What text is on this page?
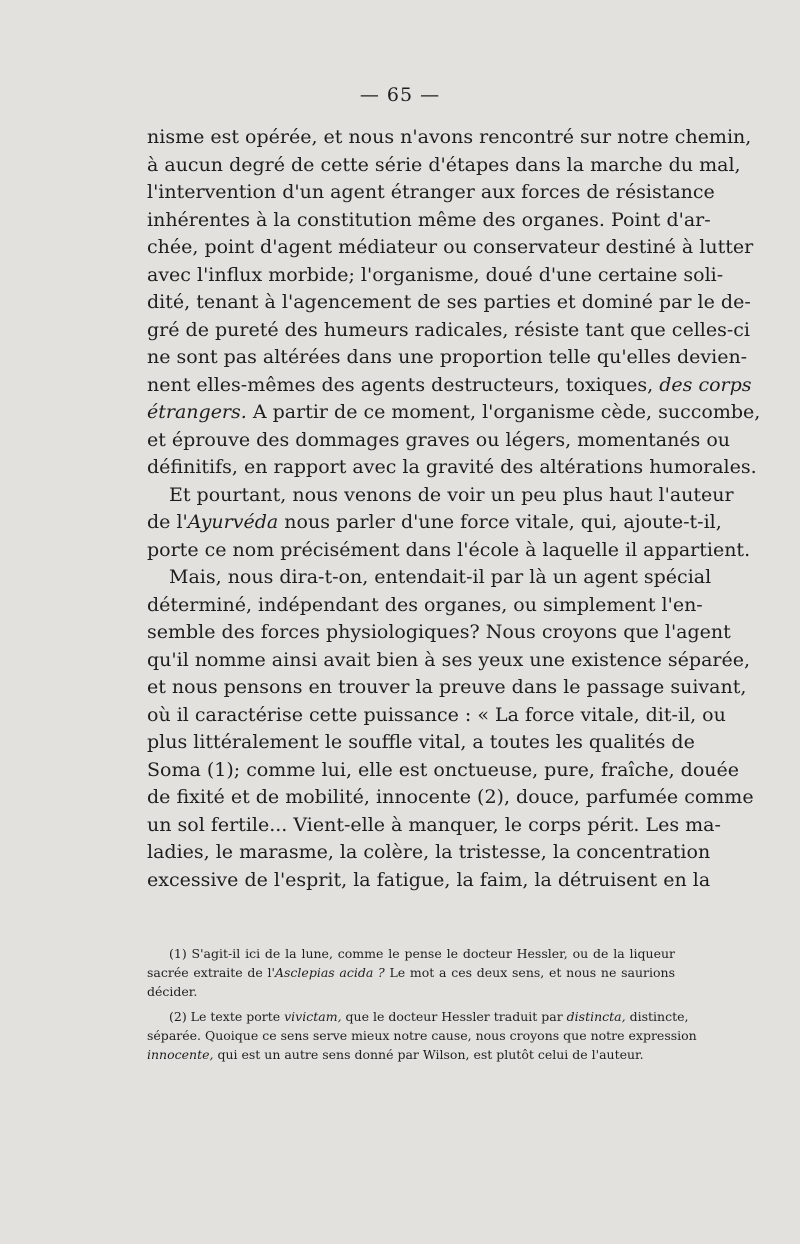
— 65 —
nisme est opérée, et nous n'avons rencontré sur notre chemin,
à aucun degré de cette série d'étapes dans la marche du mal,
l'intervention d'un agent étranger aux forces de résistance
inhérentes à la constitution même des organes. Point d'ar-
chée, point d'agent médiateur ou conservateur destiné à lutter
avec l'influx morbide; l'organisme, doué d'une certaine soli-
dité, tenant à l'agencement de ses parties et dominé par le de-
gré de pureté des humeurs radicales, résiste tant que celles-ci
ne sont pas altérées dans une proportion telle qu'elles devien-
nent elles-mêmes des agents destructeurs, toxiques, des corps
étrangers. A partir de ce moment, l'organisme cède, succombe,
et éprouve des dommages graves ou légers, momentanés ou
définitifs, en rapport avec la gravité des altérations humorales.
Et pourtant, nous venons de voir un peu plus haut l'auteur
de l'Ayurvéda nous parler d'une force vitale, qui, ajoute-t-il,
porte ce nom précisément dans l'école à laquelle il appartient.
Mais, nous dira-t-on, entendait-il par là un agent spécial
déterminé, indépendant des organes, ou simplement l'en-
semble des forces physiologiques? Nous croyons que l'agent
qu'il nomme ainsi avait bien à ses yeux une existence séparée,
et nous pensons en trouver la preuve dans le passage suivant,
où il caractérise cette puissance : « La force vitale, dit-il, ou
plus littéralement le souffle vital, a toutes les qualités de
Soma (1); comme lui, elle est onctueuse, pure, fraîche, douée
de fixité et de mobilité, innocente (2), douce, parfumée comme
un sol fertile... Vient-elle à manquer, le corps périt. Les ma-
ladies, le marasme, la colère, la tristesse, la concentration
excessive de l'esprit, la fatigue, la faim, la détruisent en la
(1) S'agit-il ici de la lune, comme le pense le docteur Hessler, ou de la liqueur
sacrée extraite de l'Asclepias acida ? Le mot a ces deux sens, et nous ne saurions
décider.
(2) Le texte porte vivictam, que le docteur Hessler traduit par distincta, distincte,
séparée. Quoique ce sens serve mieux notre cause, nous croyons que notre expression
innocente, qui est un autre sens donné par Wilson, est plutôt celui de l'auteur.
